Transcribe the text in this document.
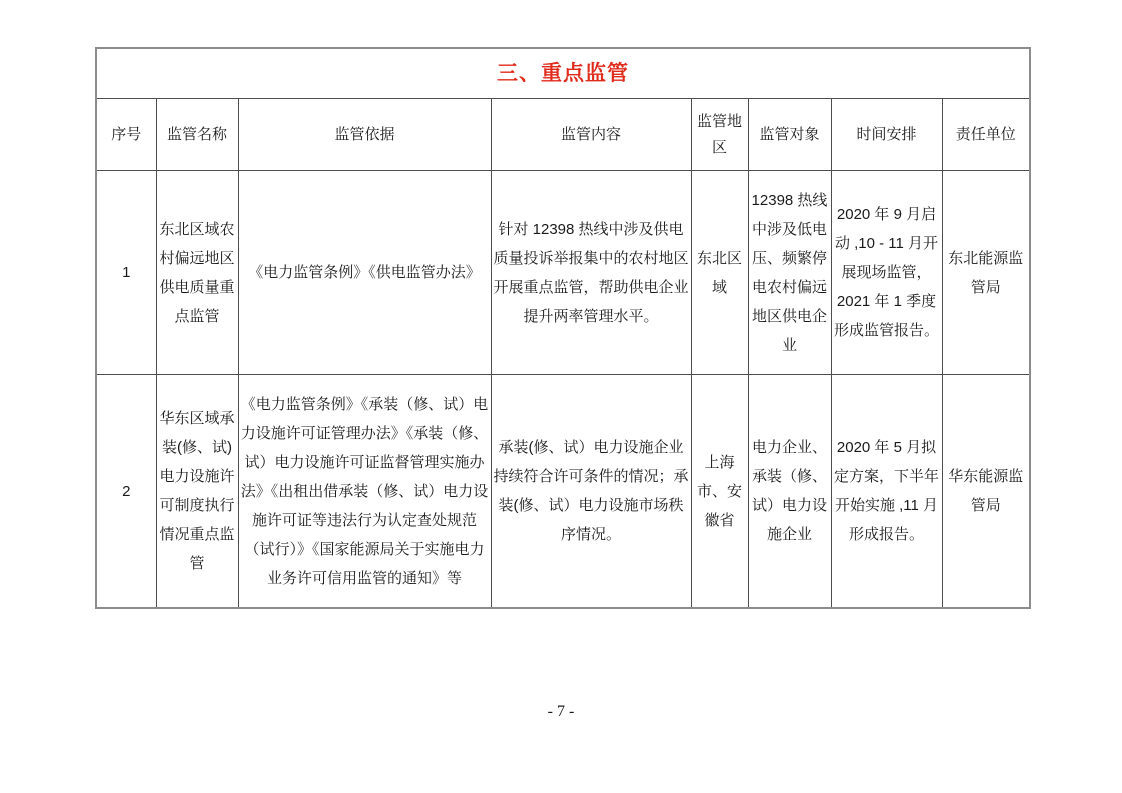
三、重点监管							
序号	监管名称	监管依据	监管内容	监管地区	监管对象	时间安排	责任单位
1	东北区域农村偏远地区供电质量重点监管	《电力监管条例》《供电监管办法》	针对 12398 热线中涉及供电质量投诉举报集中的农村地区开展重点监管，帮助供电企业提升两率管理水平。	东北区域	12398 热线中涉及低电压、频繁停电农村偏远地区供电企业	2020 年 9 月启动 ,10 - 11 月开展现场监管，2021 年 1 季度形成监管报告。	东北能源监管局
2	华东区域承装(修、试)电力设施许可制度执行情况重点监管	《电力监管条例》《承装（修、试）电力设施许可证管理办法》《承装（修、试）电力设施许可证监督管理实施办法》《出租出借承装（修、试）电力设施许可证等违法行为认定查处规范（试行）》《国家能源局关于实施电力业务许可信用监管的通知》等	承装(修、试）电力设施企业持续符合许可条件的情况；承装(修、试）电力设施市场秩序情况。	上海市、安徽省	电力企业、承装（修、试）电力设施企业	2020 年 5 月拟定方案，下半年开始实施 ,11 月形成报告。	华东能源监管局
- 7 -
